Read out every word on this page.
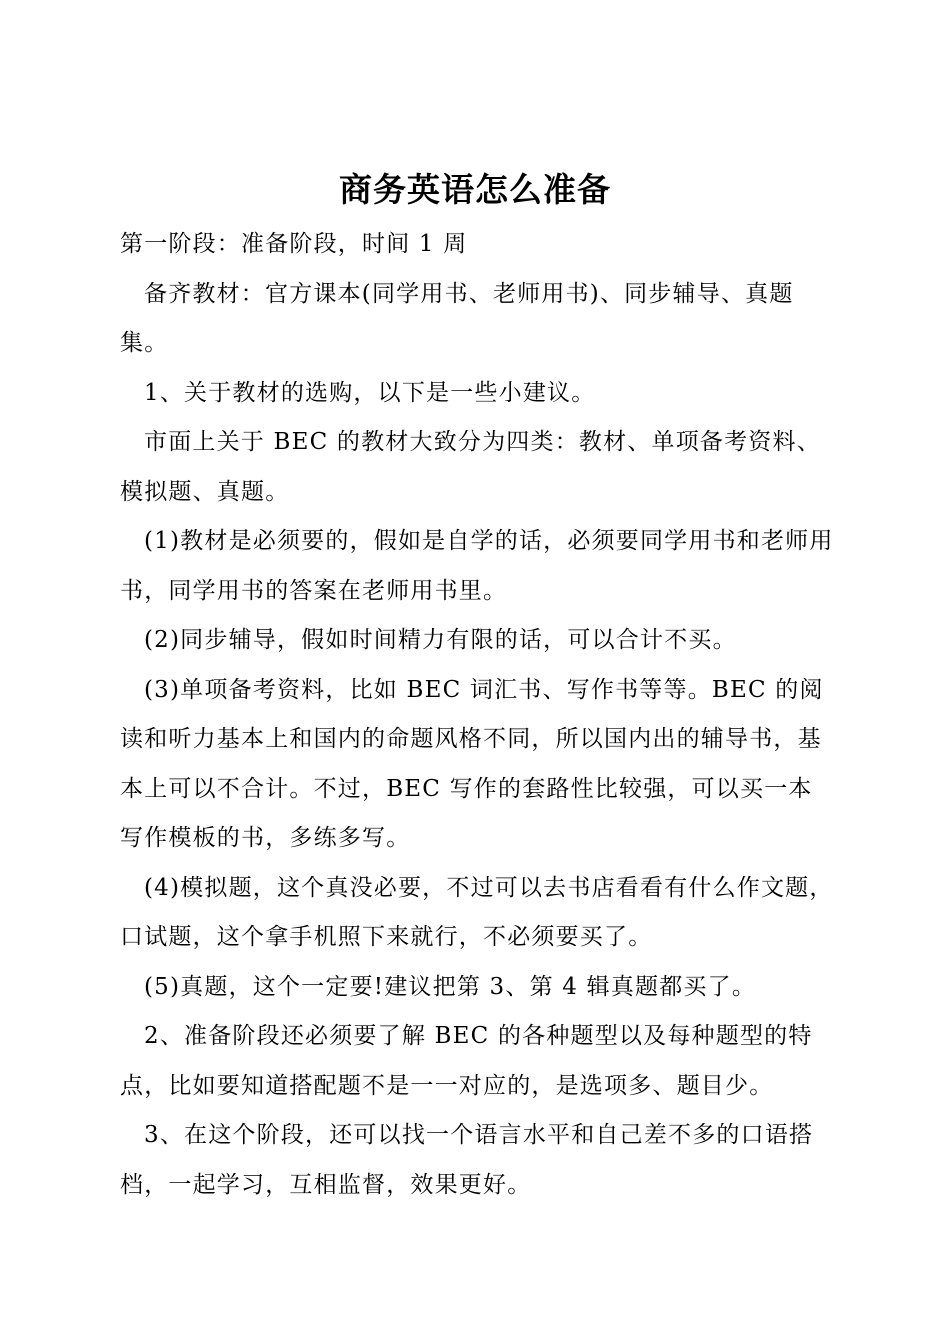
商务英语怎么准备

第一阶段：准备阶段，时间 1 周

备齐教材：官方课本(同学用书、老师用书)、同步辅导、真题集。

1、关于教材的选购，以下是一些小建议。

市面上关于 BEC 的教材大致分为四类：教材、单项备考资料、模拟题、真题。

(1)教材是必须要的，假如是自学的话，必须要同学用书和老师用书，同学用书的答案在老师用书里。

(2)同步辅导，假如时间精力有限的话，可以合计不买。

(3)单项备考资料，比如 BEC 词汇书、写作书等等。BEC 的阅读和听力基本上和国内的命题风格不同，所以国内出的辅导书，基本上可以不合计。不过，BEC 写作的套路性比较强，可以买一本写作模板的书，多练多写。

(4)模拟题，这个真没必要，不过可以去书店看看有什么作文题，口试题，这个拿手机照下来就行，不必须要买了。

(5)真题，这个一定要!建议把第 3、第 4 辑真题都买了。

2、准备阶段还必须要了解 BEC 的各种题型以及每种题型的特点，比如要知道搭配题不是一一对应的，是选项多、题目少。

3、在这个阶段，还可以找一个语言水平和自己差不多的口语搭档，一起学习，互相监督，效果更好。
